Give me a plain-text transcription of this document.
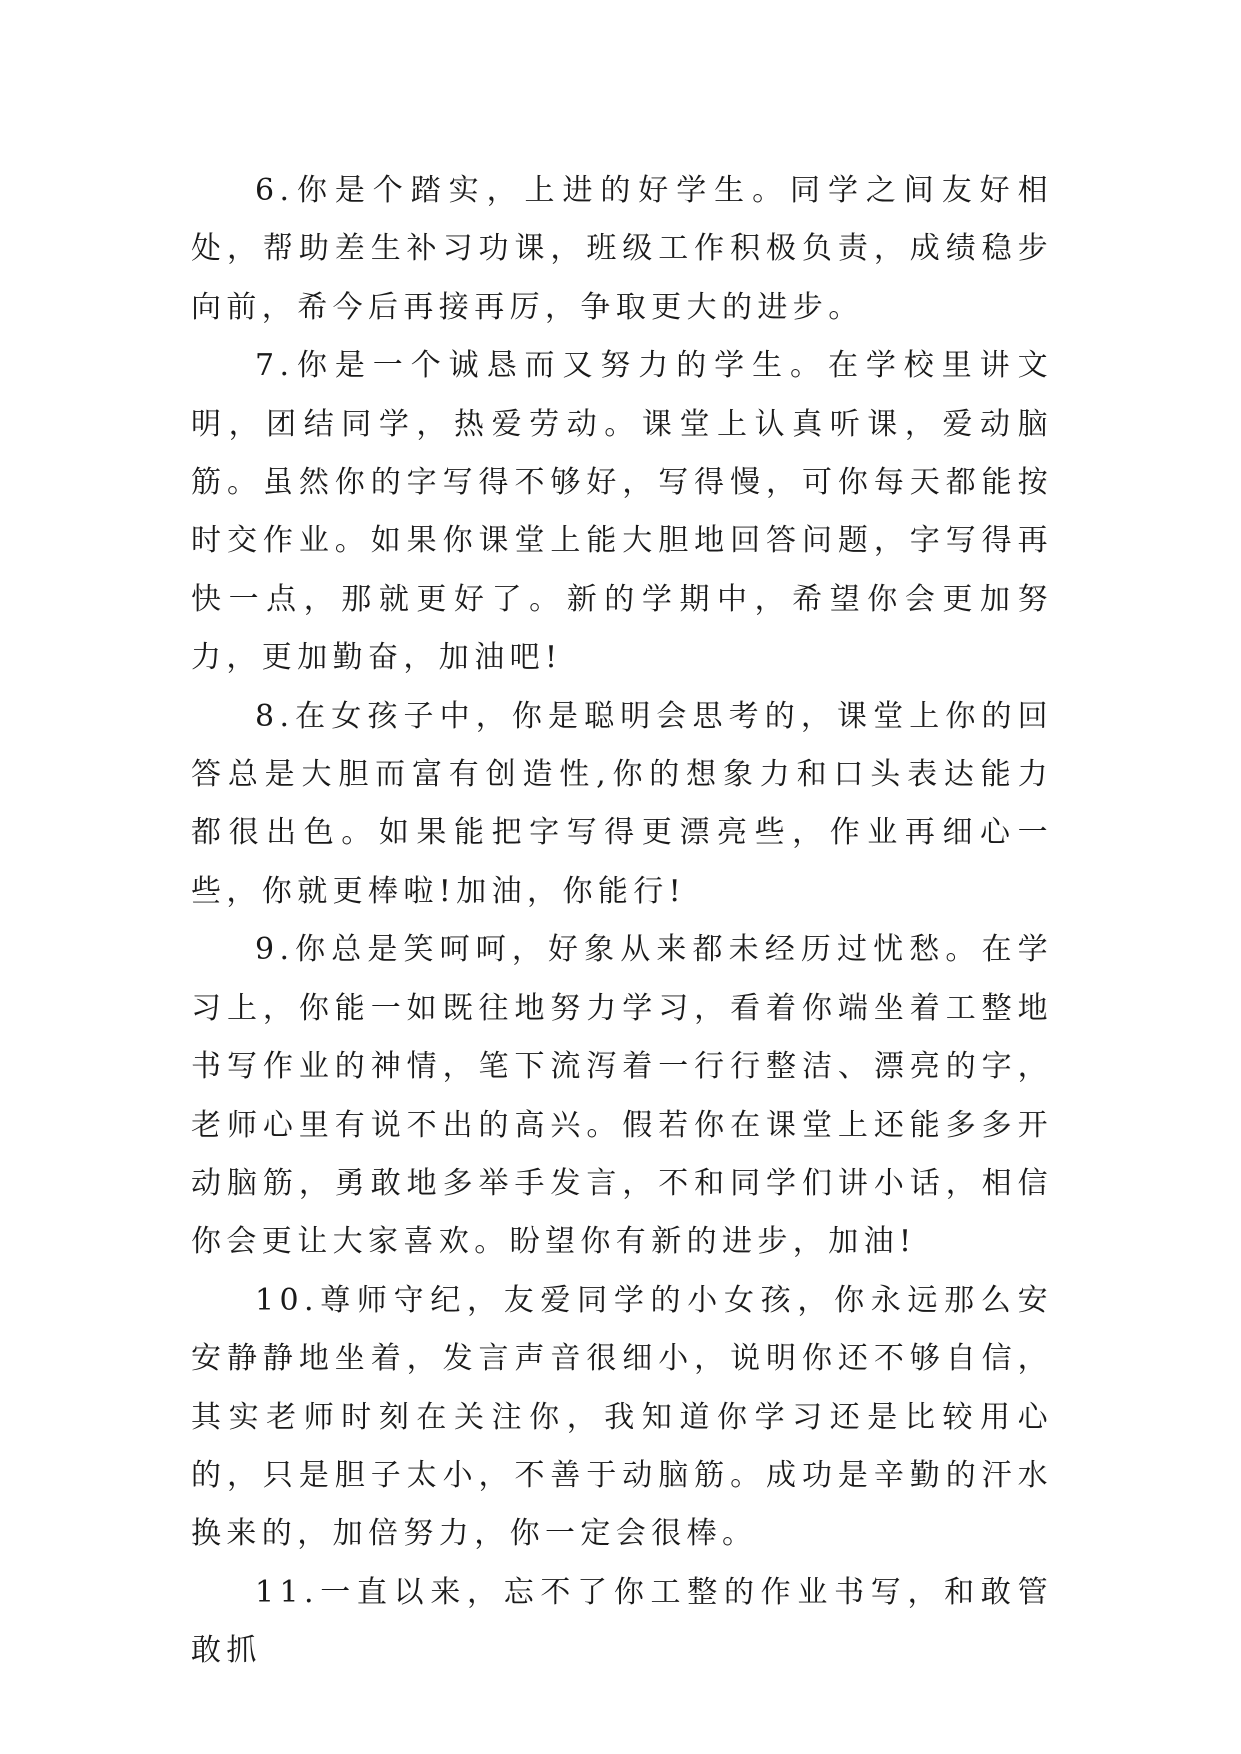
6.你是个踏实，上进的好学生。同学之间友好相处，帮助差生补习功课，班级工作积极负责，成绩稳步向前，希今后再接再厉，争取更大的进步。

7.你是一个诚恳而又努力的学生。在学校里讲文明，团结同学，热爱劳动。课堂上认真听课，爱动脑筋。虽然你的字写得不够好，写得慢，可你每天都能按时交作业。如果你课堂上能大胆地回答问题，字写得再快一点，那就更好了。新的学期中，希望你会更加努力，更加勤奋，加油吧!

8.在女孩子中，你是聪明会思考的，课堂上你的回答总是大胆而富有创造性,你的想象力和口头表达能力都很出色。如果能把字写得更漂亮些，作业再细心一些，你就更棒啦!加油，你能行!

9.你总是笑呵呵，好象从来都未经历过忧愁。在学习上，你能一如既往地努力学习，看着你端坐着工整地书写作业的神情，笔下流泻着一行行整洁、漂亮的字，老师心里有说不出的高兴。假若你在课堂上还能多多开动脑筋，勇敢地多举手发言，不和同学们讲小话，相信你会更让大家喜欢。盼望你有新的进步，加油!

10.尊师守纪，友爱同学的小女孩，你永远那么安安静静地坐着，发言声音很细小，说明你还不够自信，其实老师时刻在关注你，我知道你学习还是比较用心的，只是胆子太小，不善于动脑筋。成功是辛勤的汗水换来的，加倍努力，你一定会很棒。

11.一直以来，忘不了你工整的作业书写，和敢管敢抓
